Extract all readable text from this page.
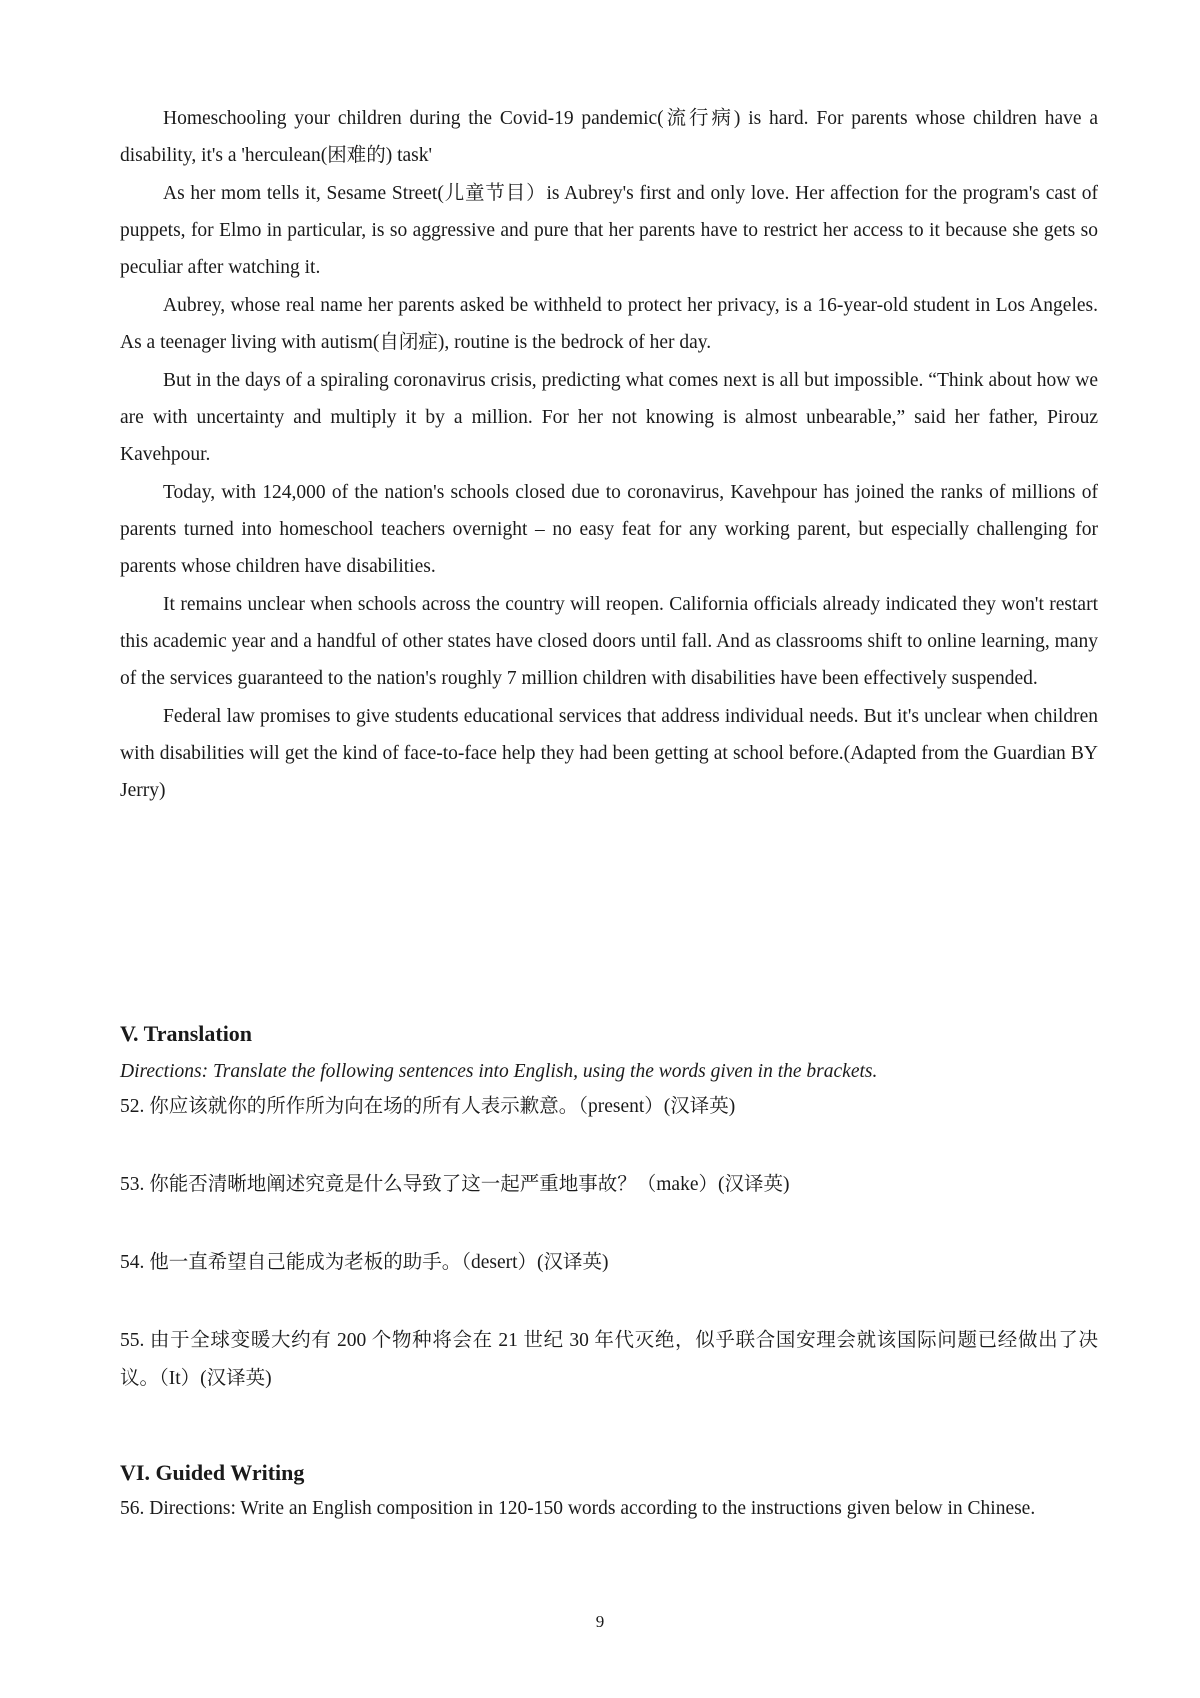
Homeschooling your children during the Covid-19 pandemic(流行病) is hard. For parents whose children have a disability, it's a 'herculean(困难的) task'

As her mom tells it, Sesame Street(儿童节目）is Aubrey's first and only love. Her affection for the program's cast of puppets, for Elmo in particular, is so aggressive and pure that her parents have to restrict her access to it because she gets so peculiar after watching it.

Aubrey, whose real name her parents asked be withheld to protect her privacy, is a 16-year-old student in Los Angeles. As a teenager living with autism(自闭症), routine is the bedrock of her day.

But in the days of a spiraling coronavirus crisis, predicting what comes next is all but impossible. “Think about how we are with uncertainty and multiply it by a million. For her not knowing is almost unbearable,” said her father, Pirouz Kavehpour.

Today, with 124,000 of the nation's schools closed due to coronavirus, Kavehpour has joined the ranks of millions of parents turned into homeschool teachers overnight – no easy feat for any working parent, but especially challenging for parents whose children have disabilities.

It remains unclear when schools across the country will reopen. California officials already indicated they won't restart this academic year and a handful of other states have closed doors until fall. And as classrooms shift to online learning, many of the services guaranteed to the nation's roughly 7 million children with disabilities have been effectively suspended.

Federal law promises to give students educational services that address individual needs. But it's unclear when children with disabilities will get the kind of face-to-face help they had been getting at school before.(Adapted from the Guardian BY Jerry)

V. Translation

Directions: Translate the following sentences into English, using the words given in the brackets.

52. 你应该就你的所作所为向在场的所有人表示歉意。（present）(汉译英)

53. 你能否清晰地阐述究竟是什么导致了这一起严重地事故？（make）(汉译英)

54. 他一直希望自己能成为老板的助手。（desert）(汉译英)

55. 由于全球变暖大约有 200 个物种将会在 21 世纪 30 年代灭绝，似乎联合国安理会就该国际问题已经做出了决议。（It）(汉译英)

VI. Guided Writing

56. Directions: Write an English composition in 120-150 words according to the instructions given below in Chinese.

9
